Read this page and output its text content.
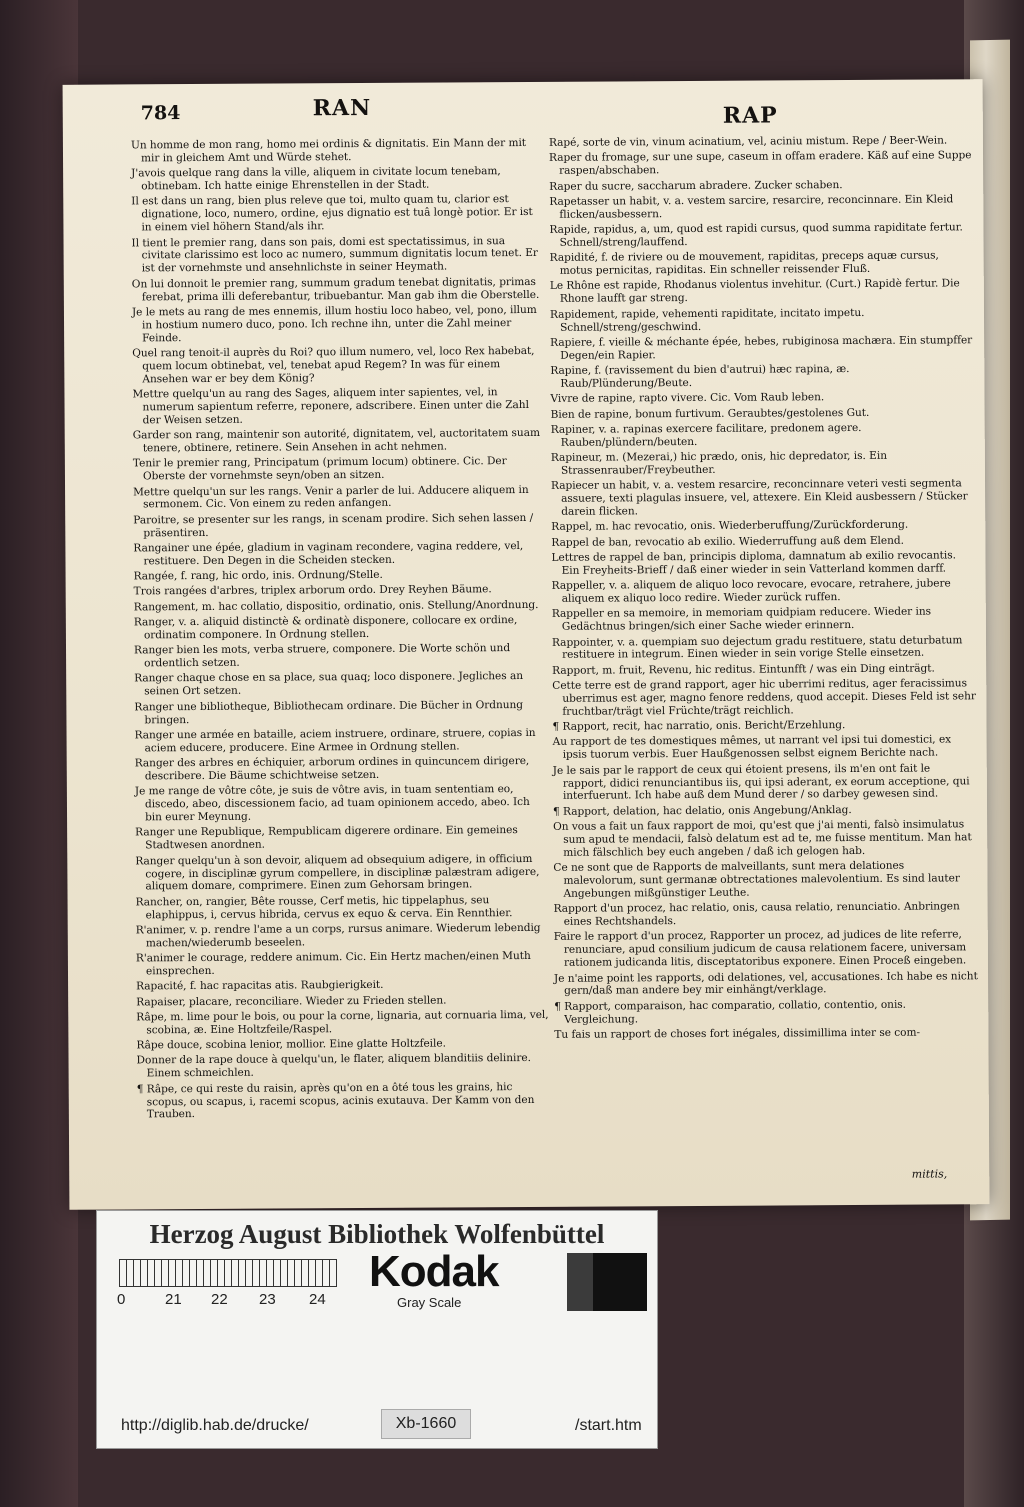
784	RAN	RAP

Un homme de mon rang, homo mei ordinis & dignitatis. Ein Mann der mit mir in gleichem Amt und Würde stehet.

J'avois quelque rang dans la ville, aliquem in civitate locum tenebam, obtinebam. Ich hatte einige Ehrenstellen in der Stadt.

Il est dans un rang, bien plus releve que toi, multo quam tu, clarior est dignatione, loco, numero, ordine, ejus dignatio est tuâ longè potior. Er ist in einem viel höhern Stand/als ihr.

Il tient le premier rang, dans son pais, domi est spectatissimus, in sua civitate clarissimo est loco ac numero, summum dignitatis locum tenet. Er ist der vornehmste und ansehnlichste in seiner Heymath.

On lui donnoit le premier rang, summum gradum tenebat dignitatis, primas ferebat, prima illi deferebantur, tribuebantur. Man gab ihm die Oberstelle.

Je le mets au rang de mes ennemis, illum hostiu loco habeo, vel, pono, illum in hostium numero duco, pono. Ich rechne ihn, unter die Zahl meiner Feinde.

Quel rang tenoit-il auprès du Roi? quo illum numero, vel, loco Rex habebat, quem locum obtinebat, vel, tenebat apud Regem? In was für einem Ansehen war er bey dem König?

Mettre quelqu'un au rang des Sages, aliquem inter sapientes, vel, in numerum sapientum referre, reponere, adscribere. Einen unter die Zahl der Weisen setzen.

Garder son rang, maintenir son autorité, dignitatem, vel, auctoritatem suam tenere, obtinere, retinere. Sein Ansehen in acht nehmen.

Tenir le premier rang, Principatum (primum locum) obtinere. Cic. Der Oberste der vornehmste seyn/oben an sitzen.

Mettre quelqu'un sur les rangs. Venir a parler de lui. Adducere aliquem in sermonem. Cic. Von einem zu reden anfangen.

Paroitre, se presenter sur les rangs, in scenam prodire. Sich sehen lassen / präsentiren.

Rangainer une épée, gladium in vaginam recondere, vagina reddere, vel, restituere. Den Degen in die Scheiden stecken.

Rangée, f. rang, hic ordo, inis. Ordnung/Stelle.

Trois rangées d'arbres, triplex arborum ordo. Drey Reyhen Bäume.

Rangement, m. hac collatio, dispositio, ordinatio, onis. Stellung/Anordnung.

Ranger, v. a. aliquid distinctè & ordinatè disponere, collocare ex ordine, ordinatim componere. In Ordnung stellen.

Ranger bien les mots, verba struere, componere. Die Worte schön und ordentlich setzen.

Ranger chaque chose en sa place, sua quaq; loco disponere. Jegliches an seinen Ort setzen.

Ranger une bibliotheque, Bibliothecam ordinare. Die Bücher in Ordnung bringen.

Ranger une armée en bataille, aciem instruere, ordinare, struere, copias in aciem educere, producere. Eine Armee in Ordnung stellen.

Ranger des arbres en échiquier, arborum ordines in quincuncem dirigere, describere. Die Bäume schichtweise setzen.

Je me range de vôtre côte, je suis de vôtre avis, in tuam sententiam eo, discedo, abeo, discessionem facio, ad tuam opinionem accedo, abeo. Ich bin eurer Meynung.

Ranger une Republique, Rempublicam digerere ordinare. Ein gemeines Stadtwesen anordnen.

Ranger quelqu'un à son devoir, aliquem ad obsequium adigere, in officium cogere, in disciplinæ gyrum compellere, in disciplinæ palæstram adigere, aliquem domare, comprimere. Einen zum Gehorsam bringen.

Rancher, on, rangier, Bête rousse, Cerf metis, hic tippelaphus, seu elaphippus, i, cervus hibrida, cervus ex equo & cerva. Ein Rennthier.

R'animer, v. p. rendre l'ame a un corps, rursus animare. Wiederum lebendig machen/wiederumb beseelen.

R'animer le courage, reddere animum. Cic. Ein Hertz machen/einen Muth einsprechen.

Rapacité, f. hac rapacitas atis. Raubgierigkeit.

Rapaiser, placare, reconciliare. Wieder zu Frieden stellen.

Râpe, m. lime pour le bois, ou pour la corne, lignaria, aut cornuaria lima, vel, scobina, æ. Eine Holtzfeile/Raspel.

Râpe douce, scobina lenior, mollior. Eine glatte Holtzfeile.

Donner de la rape douce à quelqu'un, le flater, aliquem blanditiis delinire. Einem schmeichlen.

¶ Râpe, ce qui reste du raisin, après qu'on en a ôté tous les grains, hic scopus, ou scapus, i, racemi scopus, acinis exutauva. Der Kamm von den Trauben.

Rapé, sorte de vin, vinum acinatium, vel, aciniu mistum. Repe / Beer-Wein.

Raper du fromage, sur une supe, caseum in offam eradere. Käß auf eine Suppe raspen/abschaben.

Raper du sucre, saccharum abradere. Zucker schaben.

Rapetasser un habit, v. a. vestem sarcire, resarcire, reconcinnare. Ein Kleid flicken/ausbessern.

Rapide, rapidus, a, um, quod est rapidi cursus, quod summa rapiditate fertur. Schnell/streng/lauffend.

Rapidité, f. de riviere ou de mouvement, rapiditas, preceps aquæ cursus, motus pernicitas, rapiditas. Ein schneller reissender Fluß.

Le Rhône est rapide, Rhodanus violentus invehitur. (Curt.) Rapidè fertur. Die Rhone laufft gar streng.

Rapidement, rapide, vehementi rapiditate, incitato impetu. Schnell/streng/geschwind.

Rapiere, f. vieille & méchante épée, hebes, rubiginosa machæra. Ein stumpffer Degen/ein Rapier.

Rapine, f. (ravissement du bien d'autrui) hæc rapina, æ. Raub/Plünderung/Beute.

Vivre de rapine, rapto vivere. Cic. Vom Raub leben.

Bien de rapine, bonum furtivum. Geraubtes/gestolenes Gut.

Rapiner, v. a. rapinas exercere facilitare, predonem agere. Rauben/plündern/beuten.

Rapineur, m. (Mezerai,) hic prædo, onis, hic depredator, is. Ein Strassenrauber/Freybeuther.

Rapiecer un habit, v. a. vestem resarcire, reconcinnare veteri vesti segmenta assuere, texti plagulas insuere, vel, attexere. Ein Kleid ausbessern / Stücker darein flicken.

Rappel, m. hac revocatio, onis. Wiederberuffung/Zurückforderung.

Rappel de ban, revocatio ab exilio. Wiederruffung auß dem Elend.

Lettres de rappel de ban, principis diploma, damnatum ab exilio revocantis. Ein Freyheits-Brieff / daß einer wieder in sein Vatterland kommen darff.

Rappeller, v. a. aliquem de aliquo loco revocare, evocare, retrahere, jubere aliquem ex aliquo loco redire. Wieder zurück ruffen.

Rappeller en sa memoire, in memoriam quidpiam reducere. Wieder ins Gedächtnus bringen/sich einer Sache wieder erinnern.

Rappointer, v. a. quempiam suo dejectum gradu restituere, statu deturbatum restituere in integrum. Einen wieder in sein vorige Stelle einsetzen.

Rapport, m. fruit, Revenu, hic reditus. Eintunfft / was ein Ding einträgt.

Cette terre est de grand rapport, ager hic uberrimi reditus, ager feracissimus uberrimus est ager, magno fenore reddens, quod accepit. Dieses Feld ist sehr fruchtbar/trägt viel Früchte/trägt reichlich.

¶ Rapport, recit, hac narratio, onis. Bericht/Erzehlung.

Au rapport de tes domestiques mêmes, ut narrant vel ipsi tui domestici, ex ipsis tuorum verbis. Euer Haußgenossen selbst eignem Berichte nach.

Je le sais par le rapport de ceux qui étoient presens, ils m'en ont fait le rapport, didici renunciantibus iis, qui ipsi aderant, ex eorum acceptione, qui interfuerunt. Ich habe auß dem Mund derer / so darbey gewesen sind.

¶ Rapport, delation, hac delatio, onis Angebung/Anklag.

On vous a fait un faux rapport de moi, qu'est que j'ai menti, falsò insimulatus sum apud te mendacii, falsò delatum est ad te, me fuisse mentitum. Man hat mich fälschlich bey euch angeben / daß ich gelogen hab.

Ce ne sont que de Rapports de malveillants, sunt mera delationes malevolorum, sunt germanæ obtrectationes malevolentium. Es sind lauter Angebungen mißgünstiger Leuthe.

Rapport d'un procez, hac relatio, onis, causa relatio, renunciatio. Anbringen eines Rechtshandels.

Faire le rapport d'un procez, Rapporter un procez, ad judices de lite referre, renunciare, apud consilium judicum de causa relationem facere, universam rationem judicanda litis, disceptatoribus exponere. Einen Proceß eingeben.

Je n'aime point les rapports, odi delationes, vel, accusationes. Ich habe es nicht gern/daß man andere bey mir einhängt/verklage.

¶ Rapport, comparaison, hac comparatio, collatio, contentio, onis. Vergleichung.

Tu fais un rapport de choses fort inégales, dissimillima inter se com-

mittis,
Herzog August Bibliothek Wolfenbüttel
0	21 22 23 24
Kodak
Gray Scale
http://diglib.hab.de/drucke/	/start.htm
Xb-1660
